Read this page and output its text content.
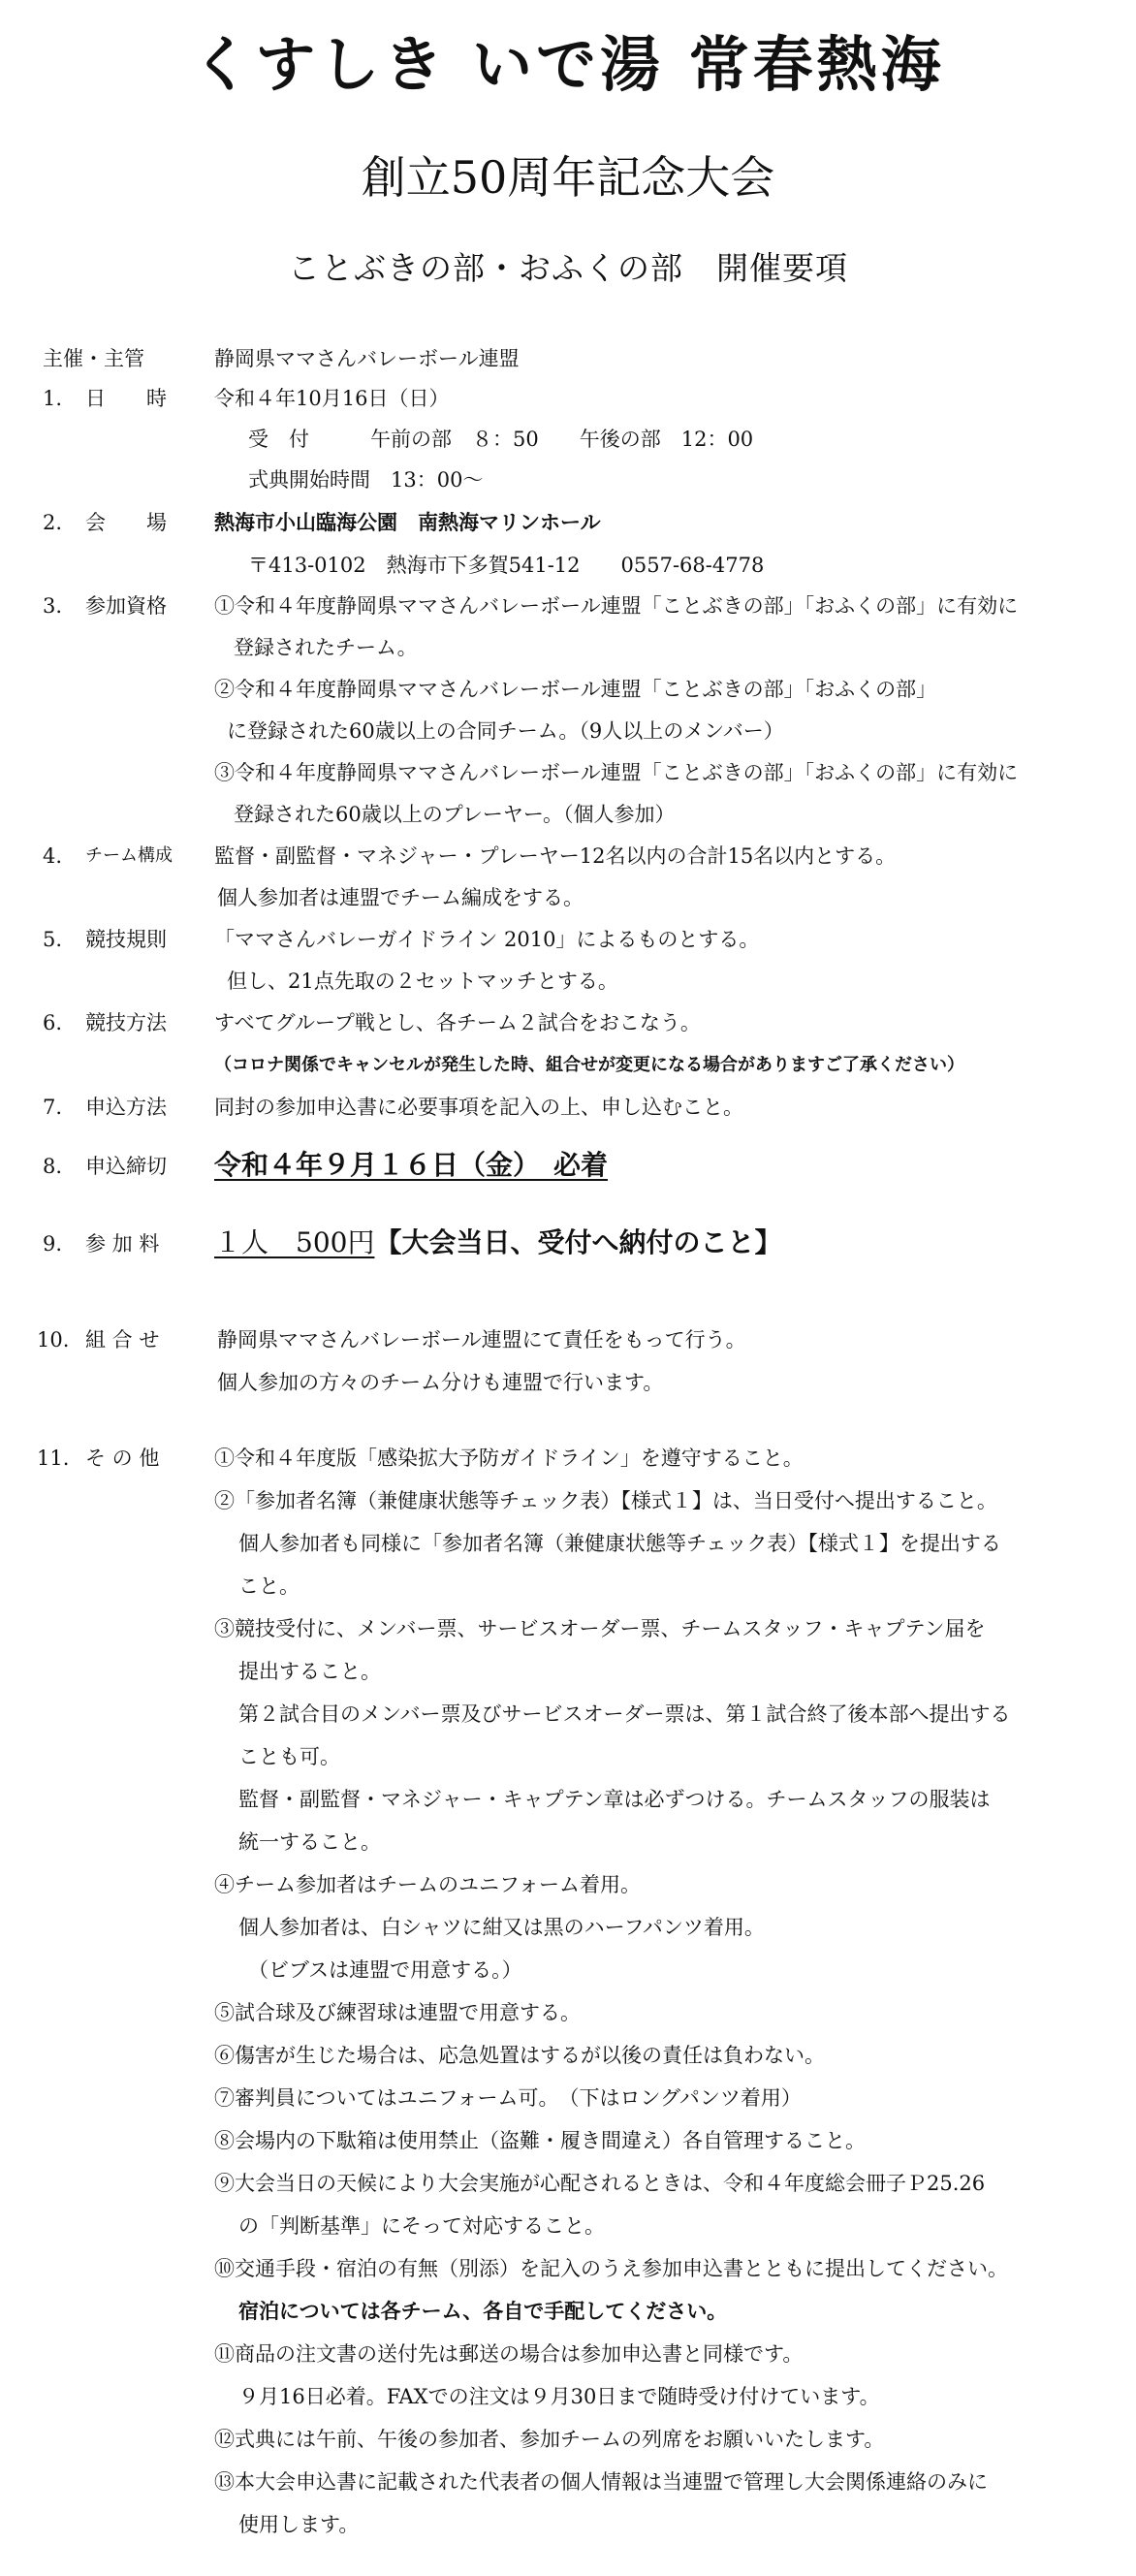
くすしき いで湯 常春熱海
創立50周年記念大会
ことぶきの部・おふくの部　開催要項
主催・主管	静岡県ママさんバレーボール連盟
1. 日　　時 令和４年10月16日（日）
受　付　　　午前の部　８：50　　午後の部　12：00
式典開始時間　13：00〜
2. 会　　場 熱海市小山臨海公園　南熱海マリンホール
〒413-0102　熱海市下多賀541-12　　0557-68-4778
3. 参加資格 ①令和４年度静岡県ママさんバレーボール連盟「ことぶきの部」「おふくの部」に有効に
登録されたチーム。
②令和４年度静岡県ママさんバレーボール連盟「ことぶきの部」「おふくの部」
に登録された60歳以上の合同チーム。（9人以上のメンバー）
③令和４年度静岡県ママさんバレーボール連盟「ことぶきの部」「おふくの部」に有効に
登録された60歳以上のプレーヤー。（個人参加）
4. チーム構成 監督・副監督・マネジャー・プレーヤー12名以内の合計15名以内とする。
個人参加者は連盟でチーム編成をする。
5. 競技規則 「ママさんバレーガイドライン 2010」によるものとする。
但し、21点先取の２セットマッチとする。
6. 競技方法 すべてグループ戦とし、各チーム２試合をおこなう。
（コロナ関係でキャンセルが発生した時、組合せが変更になる場合がありますご了承ください）
7. 申込方法 同封の参加申込書に必要事項を記入の上、申し込むこと。
8. 申込締切 令和４年９月１６日（金）　必着
9. 参 加 料 １人　500円【大会当日、受付へ納付のこと】
10. 組 合 せ	静岡県ママさんバレーボール連盟にて責任をもって行う。
個人参加の方々のチーム分けも連盟で行います。
11. そ の 他	①令和４年度版「感染拡大予防ガイドライン」を遵守すること。
②「参加者名簿（兼健康状態等チェック表）【様式１】は、当日受付へ提出すること。
個人参加者も同様に「参加者名簿（兼健康状態等チェック表）【様式１】を提出する
こと。
③競技受付に、メンバー票、サービスオーダー票、チームスタッフ・キャプテン届を
提出すること。
第２試合目のメンバー票及びサービスオーダー票は、第１試合終了後本部へ提出する
ことも可。
監督・副監督・マネジャー・キャプテン章は必ずつける。チームスタッフの服装は
統一すること。
④チーム参加者はチームのユニフォーム着用。
個人参加者は、白シャツに紺又は黒のハーフパンツ着用。
（ビブスは連盟で用意する。）
⑤試合球及び練習球は連盟で用意する。
⑥傷害が生じた場合は、応急処置はするが以後の責任は負わない。
⑦審判員についてはユニフォーム可。　（下はロングパンツ着用）
⑧会場内の下駄箱は使用禁止（盗難・履き間違え）各自管理すること。
⑨大会当日の天候により大会実施が心配されるときは、令和４年度総会冊子Ｐ25.26
の「判断基準」にそって対応すること。
⑩交通手段・宿泊の有無（別添）を記入のうえ参加申込書とともに提出してください。
宿泊については各チーム、各自で手配してください。
⑪商品の注文書の送付先は郵送の場合は参加申込書と同様です。
９月16日必着。FAXでの注文は９月30日まで随時受け付けています。
⑫式典には午前、午後の参加者、参加チームの列席をお願いいたします。
⑬本大会申込書に記載された代表者の個人情報は当連盟で管理し大会関係連絡のみに
使用します。
